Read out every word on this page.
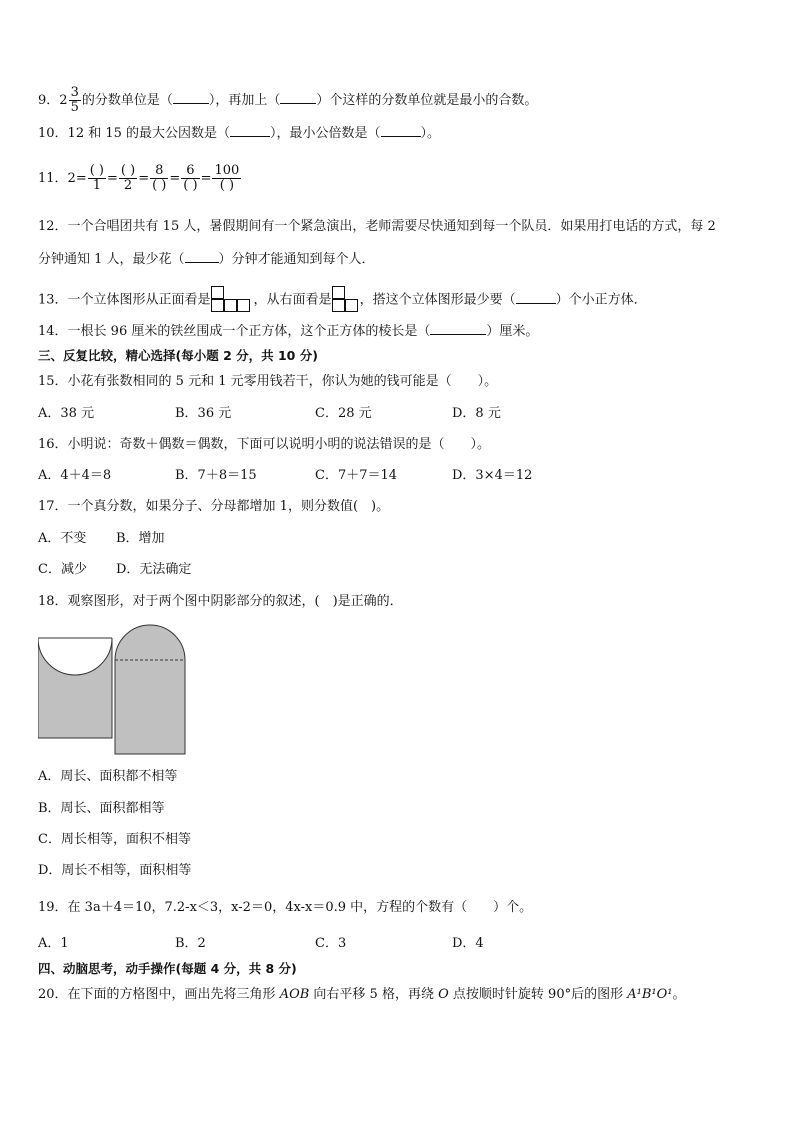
9．$2 \frac{3}{5}$ 的分数单位是（	），再加上（	）个这样的分数单位就是最小的合数。
10．12 和 15 的最大公因数是（	），最小公倍数是（	）。
11．$2= \frac{( )}{1} = \frac{( )}{2} = \frac{8}{( )} = \frac{6}{( )} = \frac{100}{( )}$
12．一个合唱团共有 15 人，暑假期间有一个紧急演出，老师需要尽快通知到每一个队员．如果用打电话的方式，每 2
分钟通知 1 人，最少花（	）分钟才能通知到每个人．
13．一个立体图形从正面看是	，从右面看是 ，搭这个立体图形最少要（	）个小正方体．
14．一根长 96 厘米的铁丝围成一个正方体，这个正方体的棱长是（	）厘米。
三、反复比较，精心选择(每小题 2 分，共 10 分)
15．小花有张数相同的 5 元和 1 元零用钱若干，你认为她的钱可能是（　　）。
A．38 元	B．36 元	C．28 元	D．8 元
16．小明说：奇数＋偶数＝偶数，下面可以说明小明的说法错误的是（　　）。
A．4＋4＝8	B．7＋8＝15	C．7＋7＝14	D．3×4＝12
17．一个真分数，如果分子、分母都增加 1，则分数值(　)。
A．不变 B．增加
C．减少 D．无法确定
18．观察图形，对于两个图中阴影部分的叙述，(　)是正确的．
A．周长、面积都不相等
B．周长、面积都相等
C．周长相等，面积不相等
D．周长不相等，面积相等
19．在 3a＋4＝10，7.2-x＜3，x-2＝0，4x-x＝0.9 中，方程的个数有（　　）个。
A．1	B．2	C．3	D．4
四、动脑思考，动手操作(每题 4 分，共 8 分)
20．在下面的方格图中，画出先将三角形 AOB 向右平移 5 格，再绕 O 点按顺时针旋转 90°后的图形 A¹B¹O¹。
